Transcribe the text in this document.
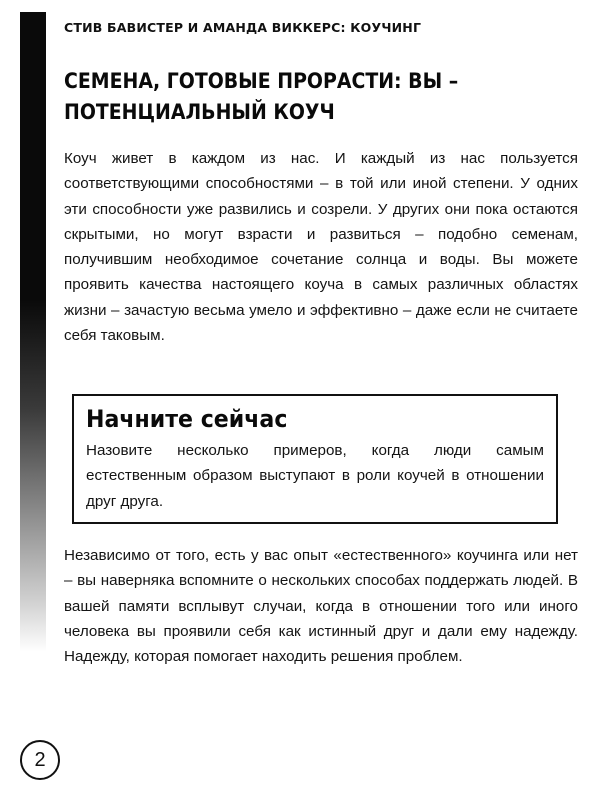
СТИВ БАВИСТЕР И АМАНДА ВИККЕРС: КОУЧИНГ
СЕМЕНА, ГОТОВЫЕ ПРОРАСТИ: ВЫ –
ПОТЕНЦИАЛЬНЫЙ КОУЧ

Коуч живет в каждом из нас. И каждый из нас пользуется соответствующими способностями – в той или иной степени. У одних эти способности уже развились и созрели. У других они пока остаются скрытыми, но могут взрасти и развиться – подобно семенам, получившим необходимое сочетание солнца и воды. Вы можете проявить качества настоящего коуча в самых различных областях жизни – зачастую весьма умело и эффективно – даже если не считаете себя таковым.

Начните сейчас

Назовите несколько примеров, когда люди самым естественным образом выступают в роли коучей в отношении друг друга.

Независимо от того, есть у вас опыт «естественного» коучинга или нет – вы наверняка вспомните о нескольких способах поддержать людей. В вашей памяти всплывут случаи, когда в отношении того или иного человека вы проявили себя как истинный друг и дали ему надежду. Надежду, которая помогает находить решения проблем.

2
